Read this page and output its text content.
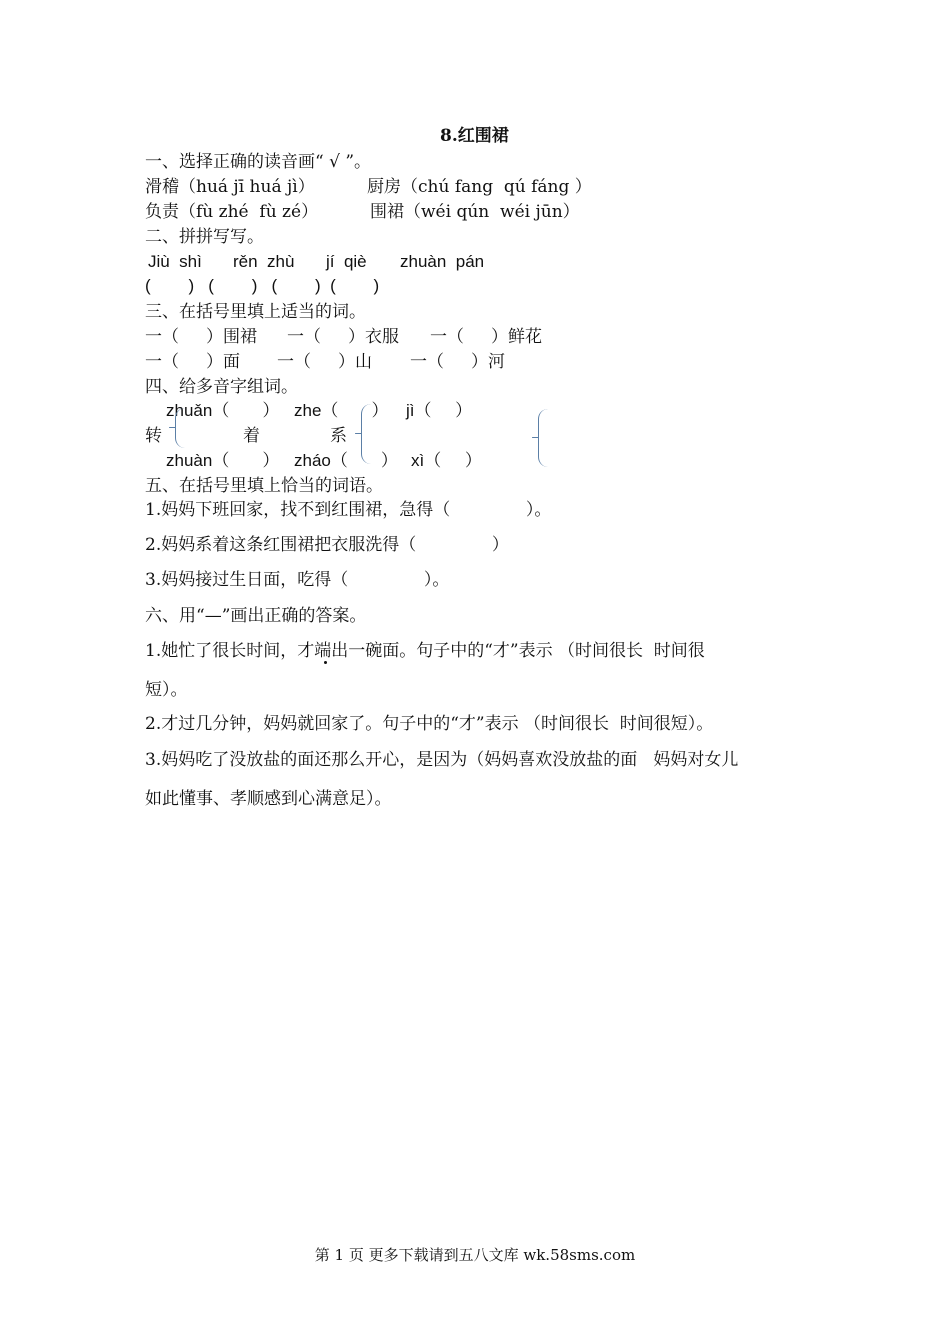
8.红围裙
一、选择正确的读音画“ √ ”。
滑稽（huá jī huá jì）	厨房（chú fang  qú fáng ）
负责（fù zhé  fù zé）	围裙（wéi qún  wéi jūn）
二、拼拼写写。
Jiù  shì rěn  zhù jí  qiè zhuàn  pán
(        )   (        )   (        )  (        )
三、在括号里填上适当的词。
一（     ）围裙 一（     ）衣服 一（     ）鲜花
一（     ）面 一（     ）山 一（     ）河
四、给多音字组词。
zhuǎn（       ） zhe（       ） jì（     ）
转	着	系
zhuàn（       ） zháo（       ） xì（     ）
五、在括号里填上恰当的词语。
1.妈妈下班回家，找不到红围裙，急得（              ）。
2.妈妈系着这条红围裙把衣服洗得（              ）
3.妈妈接过生日面，吃得（              ）。
六、用“—”画出正确的答案。
1.她忙了很长时间，才端出一碗面。句子中的“才”表示 （时间很长  时间很
短）。
2.才过几分钟，妈妈就回家了。句子中的“才”表示 （时间很长  时间很短）。
3.妈妈吃了没放盐的面还那么开心，是因为（妈妈喜欢没放盐的面   妈妈对女儿
如此懂事、孝顺感到心满意足）。
第 1 页 更多下载请到五八文库 wk.58sms.com
